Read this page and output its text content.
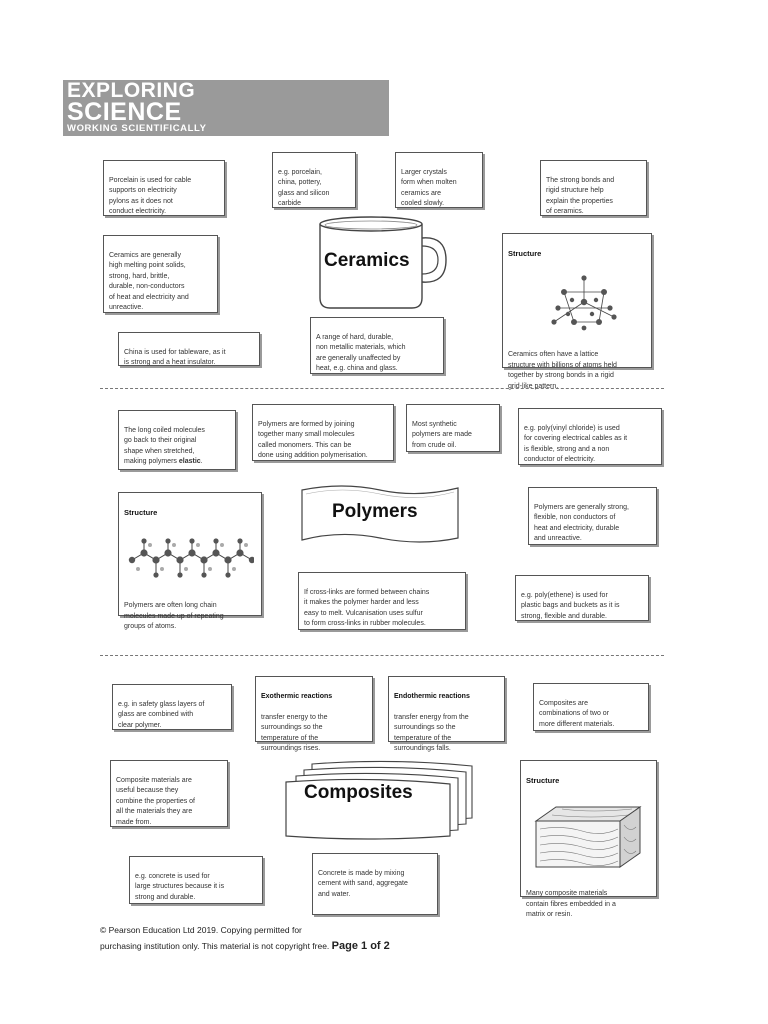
EXPLORING
SCIENCE
WORKING SCIENTIFICALLY

Porcelain is used for cable
supports on electricity
pylons as it does not
conduct electricity.

e.g. porcelain,
china, pottery,
glass and silicon
carbide

Larger crystals
form when molten
ceramics are
cooled slowly.

The strong bonds and
rigid structure help
explain the properties
of ceramics.

Ceramics are generally
high melting point solids,
strong, hard, brittle,
durable, non-conductors
of heat and electricity and
unreactive.

Ceramics	Structure

Ceramics often have a lattice
structure with billions of atoms held
together by strong bonds in a rigid
grid-like pattern.

China is used for tableware, as it
is strong and a heat insulator.

A range of hard, durable,
non metallic materials, which
are generally unaffected by
heat, e.g. china and glass.

The long coiled molecules
go back to their original
shape when stretched,
making polymers elastic.

Polymers are formed by joining
together many small molecules
called monomers. This can be
done using addition polymerisation.

Most synthetic
polymers are made
from crude oil.

e.g. poly(vinyl chloride) is used
for covering electrical cables as it
is flexible, strong and a non
conductor of electricity.

Structure

Polymers are often long chain
molecules made up of repeating
groups of atoms.

Polymers	Polymers are generally strong,
flexible, non conductors of
heat and electricity, durable
and unreactive.

If cross-links are formed between chains
it makes the polymer harder and less
easy to melt. Vulcanisation uses sulfur
to form cross-links in rubber molecules.

e.g. poly(ethene) is used for
plastic bags and buckets as it is
strong, flexible and durable.

e.g. in safety glass layers of
glass are combined with
clear polymer.

Exothermic reactions

transfer energy to the
surroundings so the
temperature of the
surroundings rises.

Endothermic reactions

transfer energy from the
surroundings so the
temperature of the
surroundings falls.

Composites are
combinations of two or
more different materials.

Composite materials are
useful because they
combine the properties of
all the materials they are
made from.

Composites

Structure

Many composite materials
contain fibres embedded in a
matrix or resin.

e.g. concrete is used for
large structures because it is
strong and durable.

Concrete is made by mixing
cement with sand, aggregate
and water.

© Pearson Education Ltd 2019. Copying permitted for
purchasing institution only. This material is not copyright free. Page 1 of 2
